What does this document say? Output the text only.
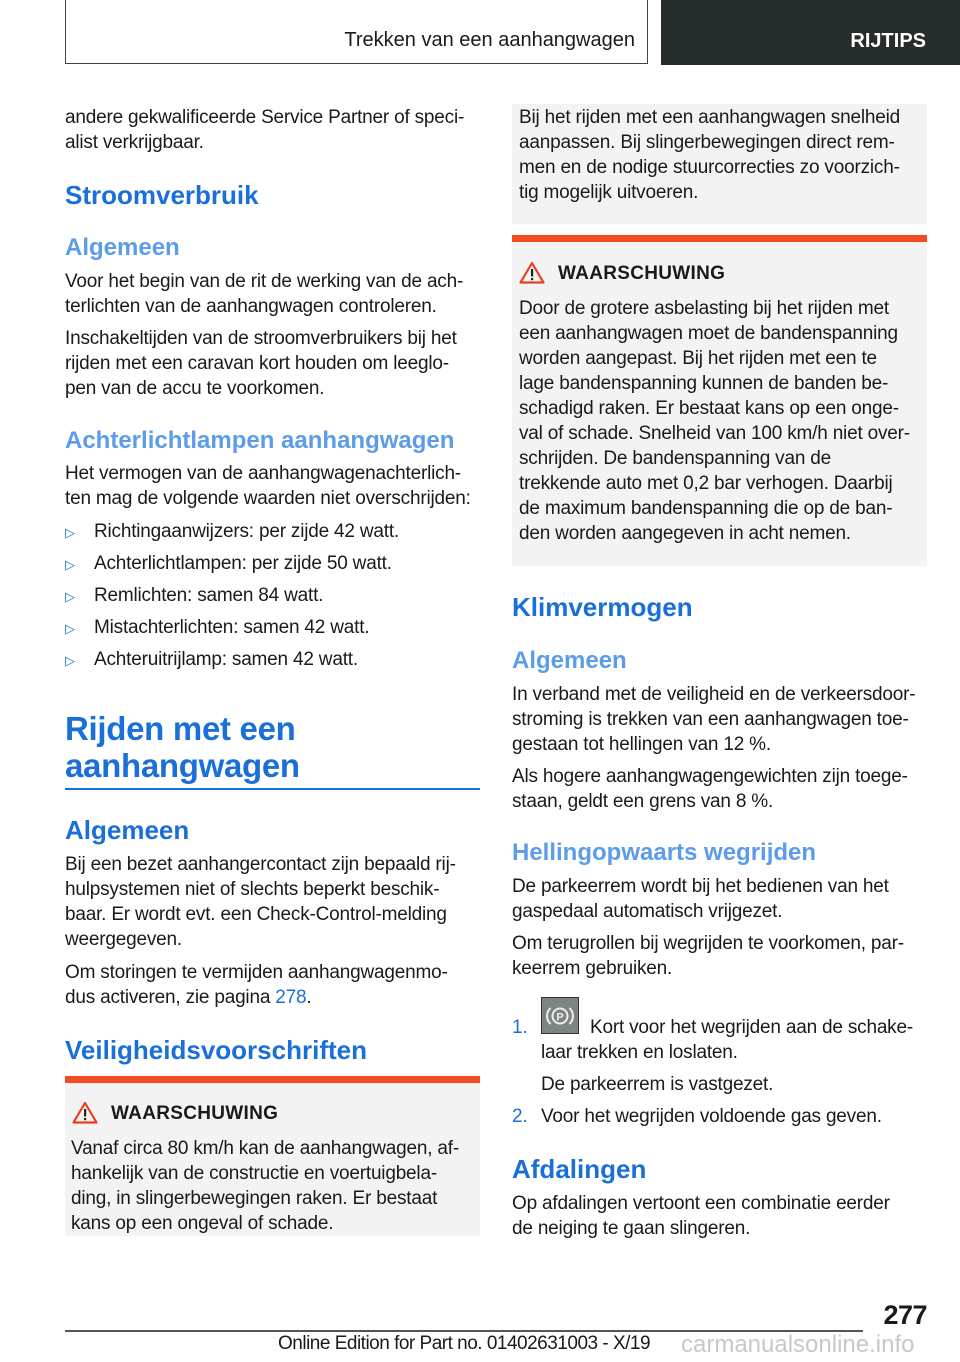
Trekken van een aanhangwagen	RIJTIPS
andere gekwalificeerde Service Partner of speci-
alist verkrijgbaar.
Stroomverbruik
Algemeen
Voor het begin van de rit de werking van de ach-
terlichten van de aanhangwagen controleren.
Inschakeltijden van de stroomverbruikers bij het
rijden met een caravan kort houden om leeglo-
pen van de accu te voorkomen.
Achterlichtlampen aanhangwagen
Het vermogen van de aanhangwagenachterlich-
ten mag de volgende waarden niet overschrijden:
▷ Richtingaanwijzers: per zijde 42 watt.
▷ Achterlichtlampen: per zijde 50 watt.
▷ Remlichten: samen 84 watt.
▷ Mistachterlichten: samen 42 watt.
▷ Achteruitrijlamp: samen 42 watt.
Rijden met een
aanhangwagen
Algemeen
Bij een bezet aanhangercontact zijn bepaald rij-
hulpsystemen niet of slechts beperkt beschik-
baar. Er wordt evt. een Check-Control-melding
weergegeven.
Om storingen te vermijden aanhangwagenmo-
dus activeren, zie pagina 278.
Veiligheidsvoorschriften
WAARSCHUWING
Vanaf circa 80 km/h kan de aanhangwagen, af-
hankelijk van de constructie en voertuigbela-
ding, in slingerbewegingen raken. Er bestaat
kans op een ongeval of schade.
Bij het rijden met een aanhangwagen snelheid
aanpassen. Bij slingerbewegingen direct rem-
men en de nodige stuurcorrecties zo voorzich-
tig mogelijk uitvoeren.
WAARSCHUWING
Door de grotere asbelasting bij het rijden met
een aanhangwagen moet de bandenspanning
worden aangepast. Bij het rijden met een te
lage bandenspanning kunnen de banden be-
schadigd raken. Er bestaat kans op een onge-
val of schade. Snelheid van 100 km/h niet over-
schrijden. De bandenspanning van de
trekkende auto met 0,2 bar verhogen. Daarbij
de maximum bandenspanning die op de ban-
den worden aangegeven in acht nemen.
Klimvermogen
Algemeen
In verband met de veiligheid en de verkeersdoor-
stroming is trekken van een aanhangwagen toe-
gestaan tot hellingen van 12 %.
Als hogere aanhangwagengewichten zijn toege-
staan, geldt een grens van 8 %.
Hellingopwaarts wegrijden
De parkeerrem wordt bij het bedienen van het
gaspedaal automatisch vrijgezet.
Om terugrollen bij wegrijden te voorkomen, par-
keerrem gebruiken.
P
1.	Kort voor het wegrijden aan de schake-
laar trekken en loslaten.
De parkeerrem is vastgezet.
2. Voor het wegrijden voldoende gas geven.
Afdalingen
Op afdalingen vertoont een combinatie eerder
de neiging te gaan slingeren.
277
Online Edition for Part no. 01402631003 - X/19 carmanualsonline.info
